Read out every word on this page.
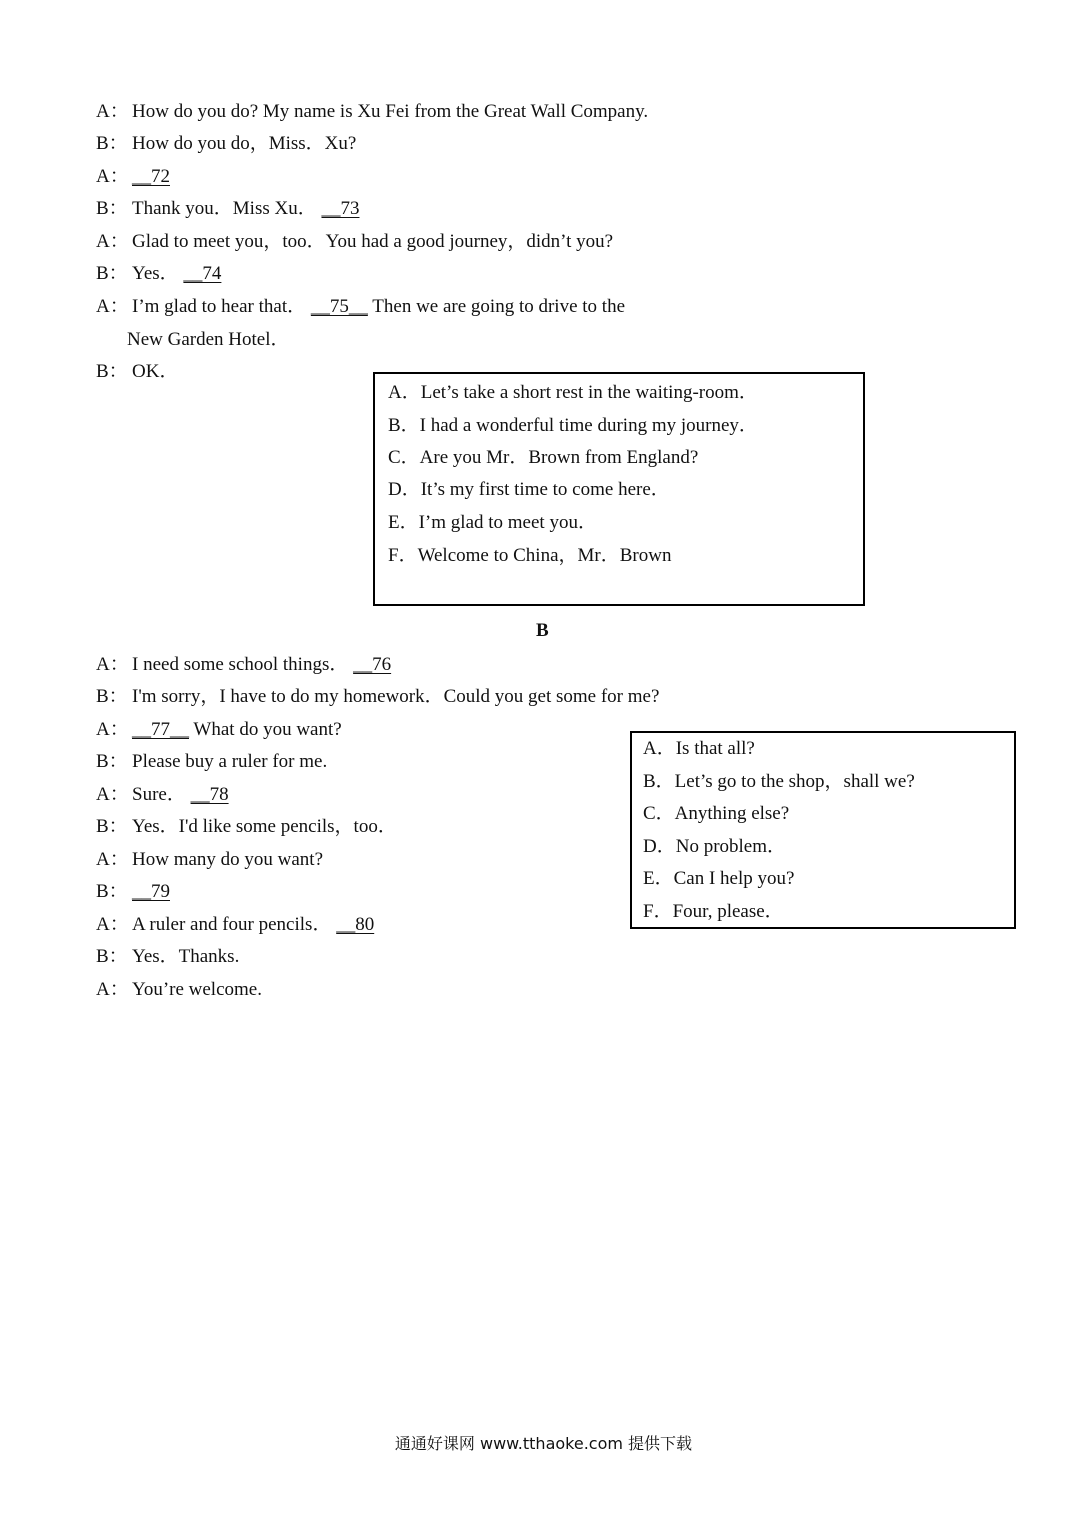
A： How do you do? My name is Xu Fei from the Great Wall Company.
B： How do you do，Miss．Xu?
A： __72
B： Thank you．Miss Xu． __73
A： Glad to meet you，too．You had a good journey，didn’t you?
B： Yes． __74
A： I’m glad to hear that． __75__ Then we are going to drive to the
New Garden Hotel．
B： OK．
A．Let’s take a short rest in the waiting-room．
B．I had a wonderful time during my journey．
C．Are you Mr．Brown from England?
D．It’s my first time to come here．
E．I’m glad to meet you．
F．Welcome to China，Mr．Brown
B
A： I need some school things． __76
B： I'm sorry，I have to do my homework．Could you get some for me?
A： __77__ What do you want?
B： Please buy a ruler for me.
A： Sure． __78
B： Yes．I'd like some pencils，too．
A： How many do you want?
B： __79
A： A ruler and four pencils． __80
B： Yes．Thanks.
A： You’re welcome.
A．Is that all?
B．Let’s go to the shop，shall we?
C．Anything else?
D．No problem．
E．Can I help you?
F．Four, please．
通通好课网 www.tthaoke.com 提供下载
